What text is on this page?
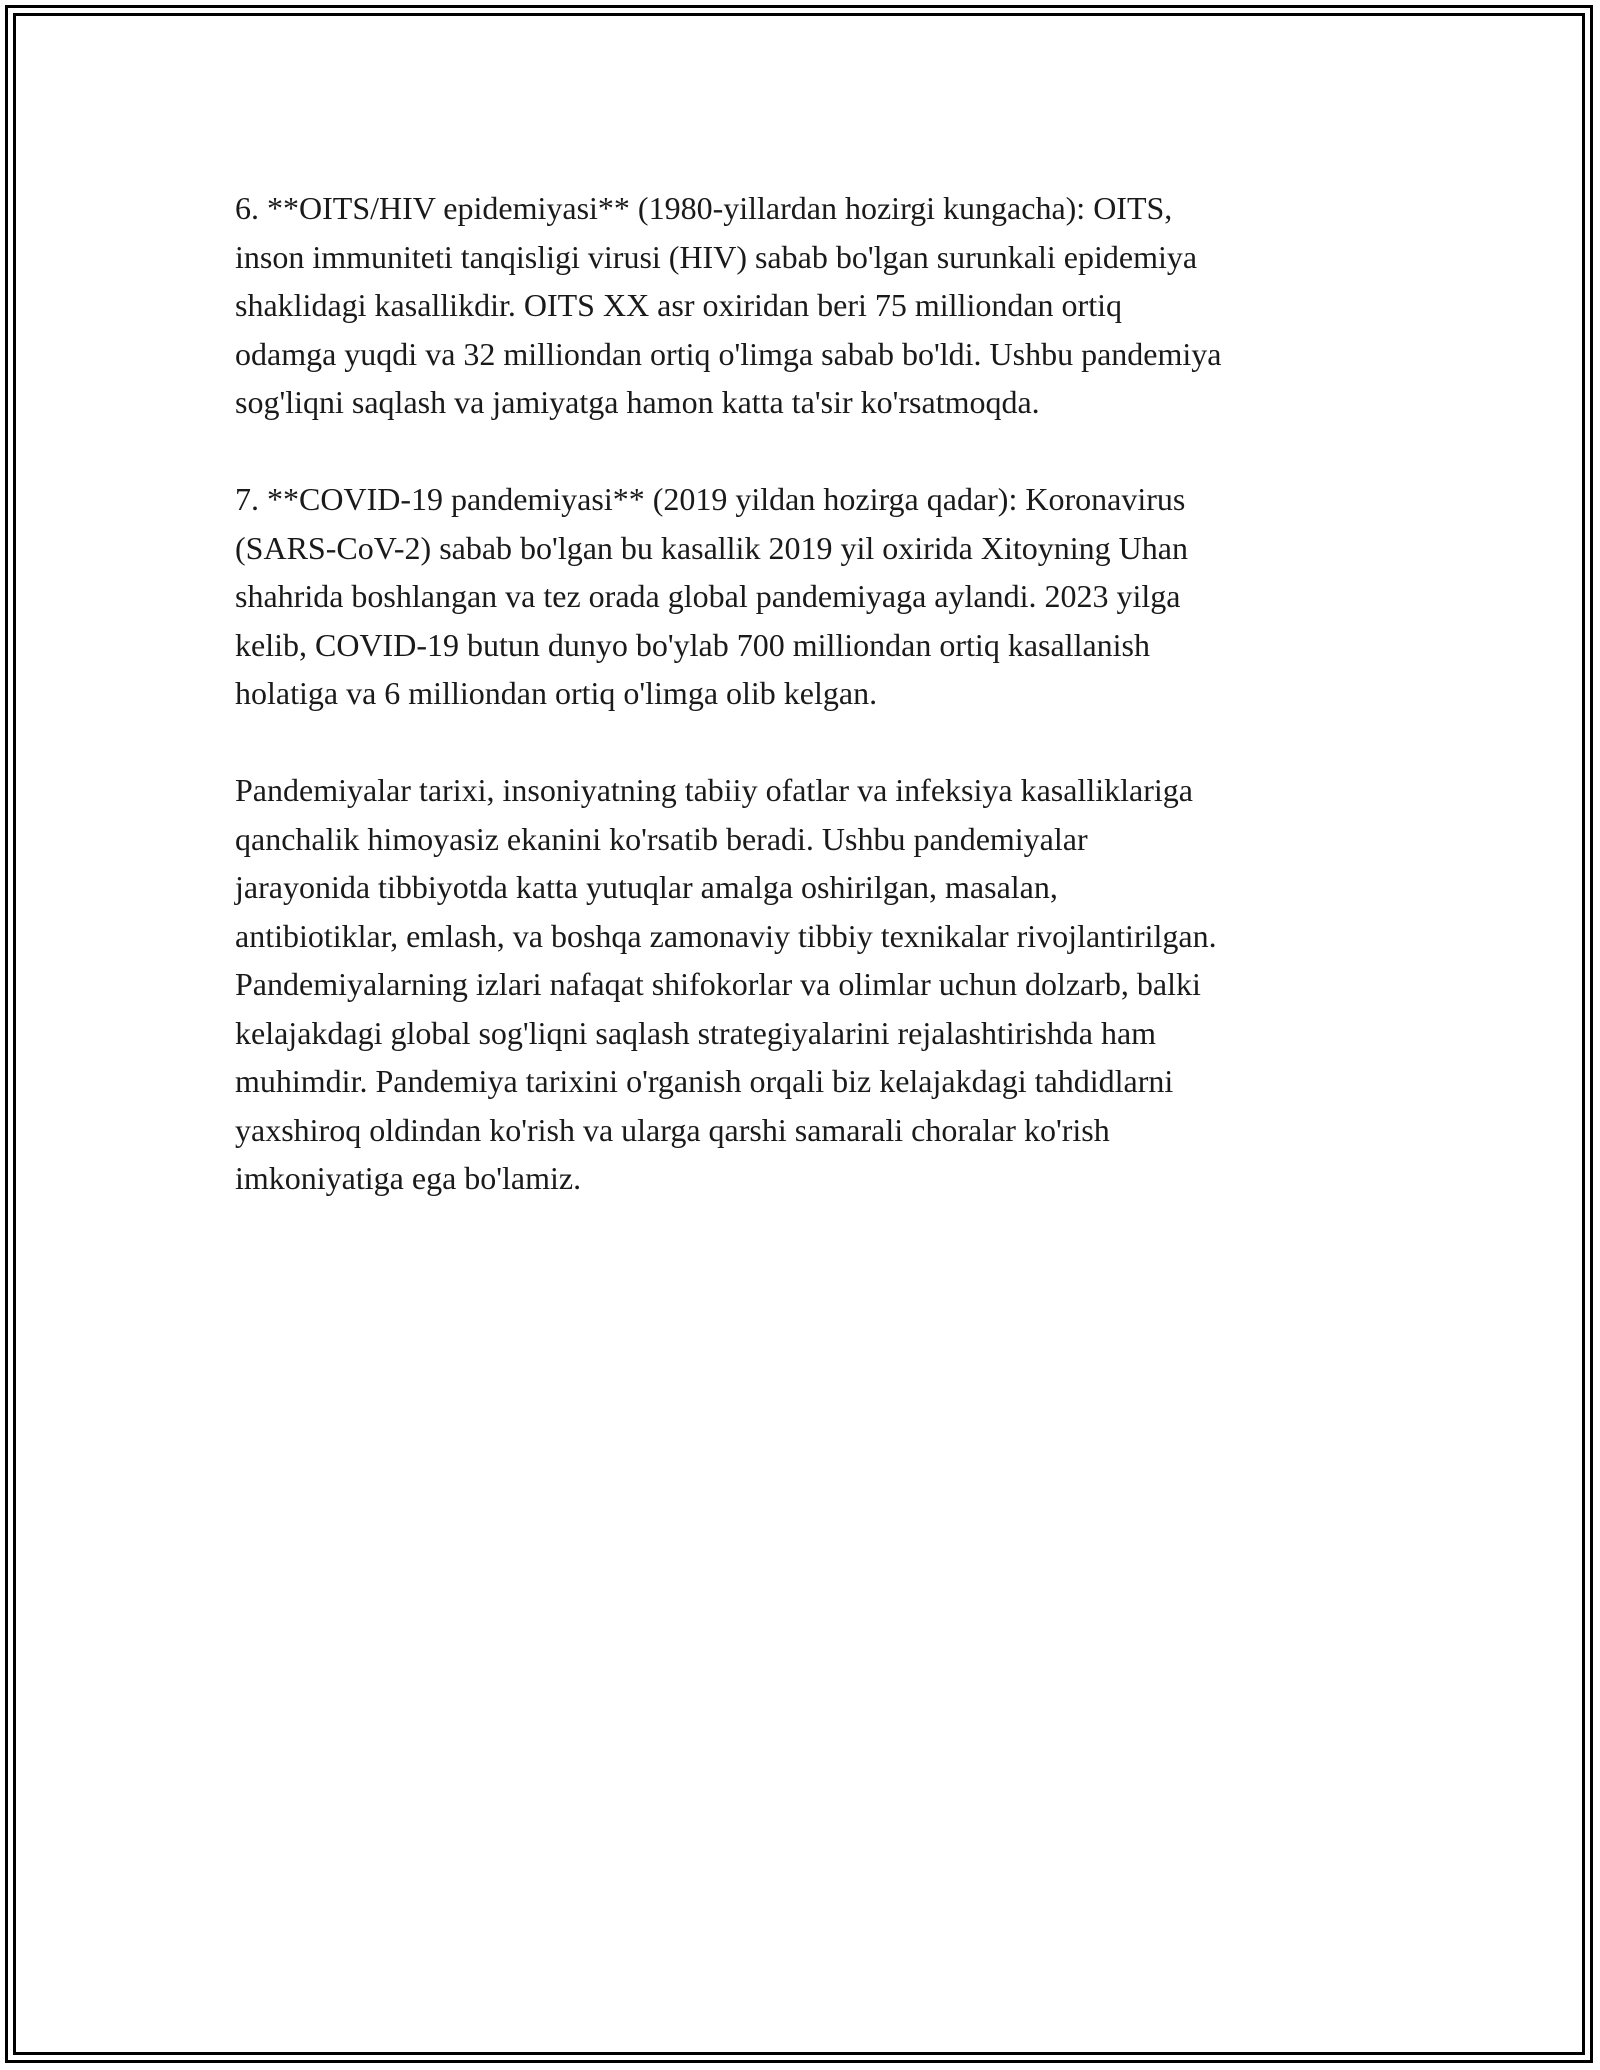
6. **OITS/HIV epidemiyasi** (1980-yillardan hozirgi kungacha): OITS,
inson immuniteti tanqisligi virusi (HIV) sabab bo'lgan surunkali epidemiya
shaklidagi kasallikdir. OITS XX asr oxiridan beri 75 milliondan ortiq
odamga yuqdi va 32 milliondan ortiq o'limga sabab bo'ldi. Ushbu pandemiya
sog'liqni saqlash va jamiyatga hamon katta ta'sir ko'rsatmoqda.

7. **COVID-19 pandemiyasi** (2019 yildan hozirga qadar): Koronavirus
(SARS-CoV-2) sabab bo'lgan bu kasallik 2019 yil oxirida Xitoyning Uhan
shahrida boshlangan va tez orada global pandemiyaga aylandi. 2023 yilga
kelib, COVID-19 butun dunyo bo'ylab 700 milliondan ortiq kasallanish
holatiga va 6 milliondan ortiq o'limga olib kelgan.

Pandemiyalar tarixi, insoniyatning tabiiy ofatlar va infeksiya kasalliklariga
qanchalik himoyasiz ekanini ko'rsatib beradi. Ushbu pandemiyalar
jarayonida tibbiyotda katta yutuqlar amalga oshirilgan, masalan,
antibiotiklar, emlash, va boshqa zamonaviy tibbiy texnikalar rivojlantirilgan.
Pandemiyalarning izlari nafaqat shifokorlar va olimlar uchun dolzarb, balki
kelajakdagi global sog'liqni saqlash strategiyalarini rejalashtirishda ham
muhimdir. Pandemiya tarixini o'rganish orqali biz kelajakdagi tahdidlarni
yaxshiroq oldindan ko'rish va ularga qarshi samarali choralar ko'rish
imkoniyatiga ega bo'lamiz.
